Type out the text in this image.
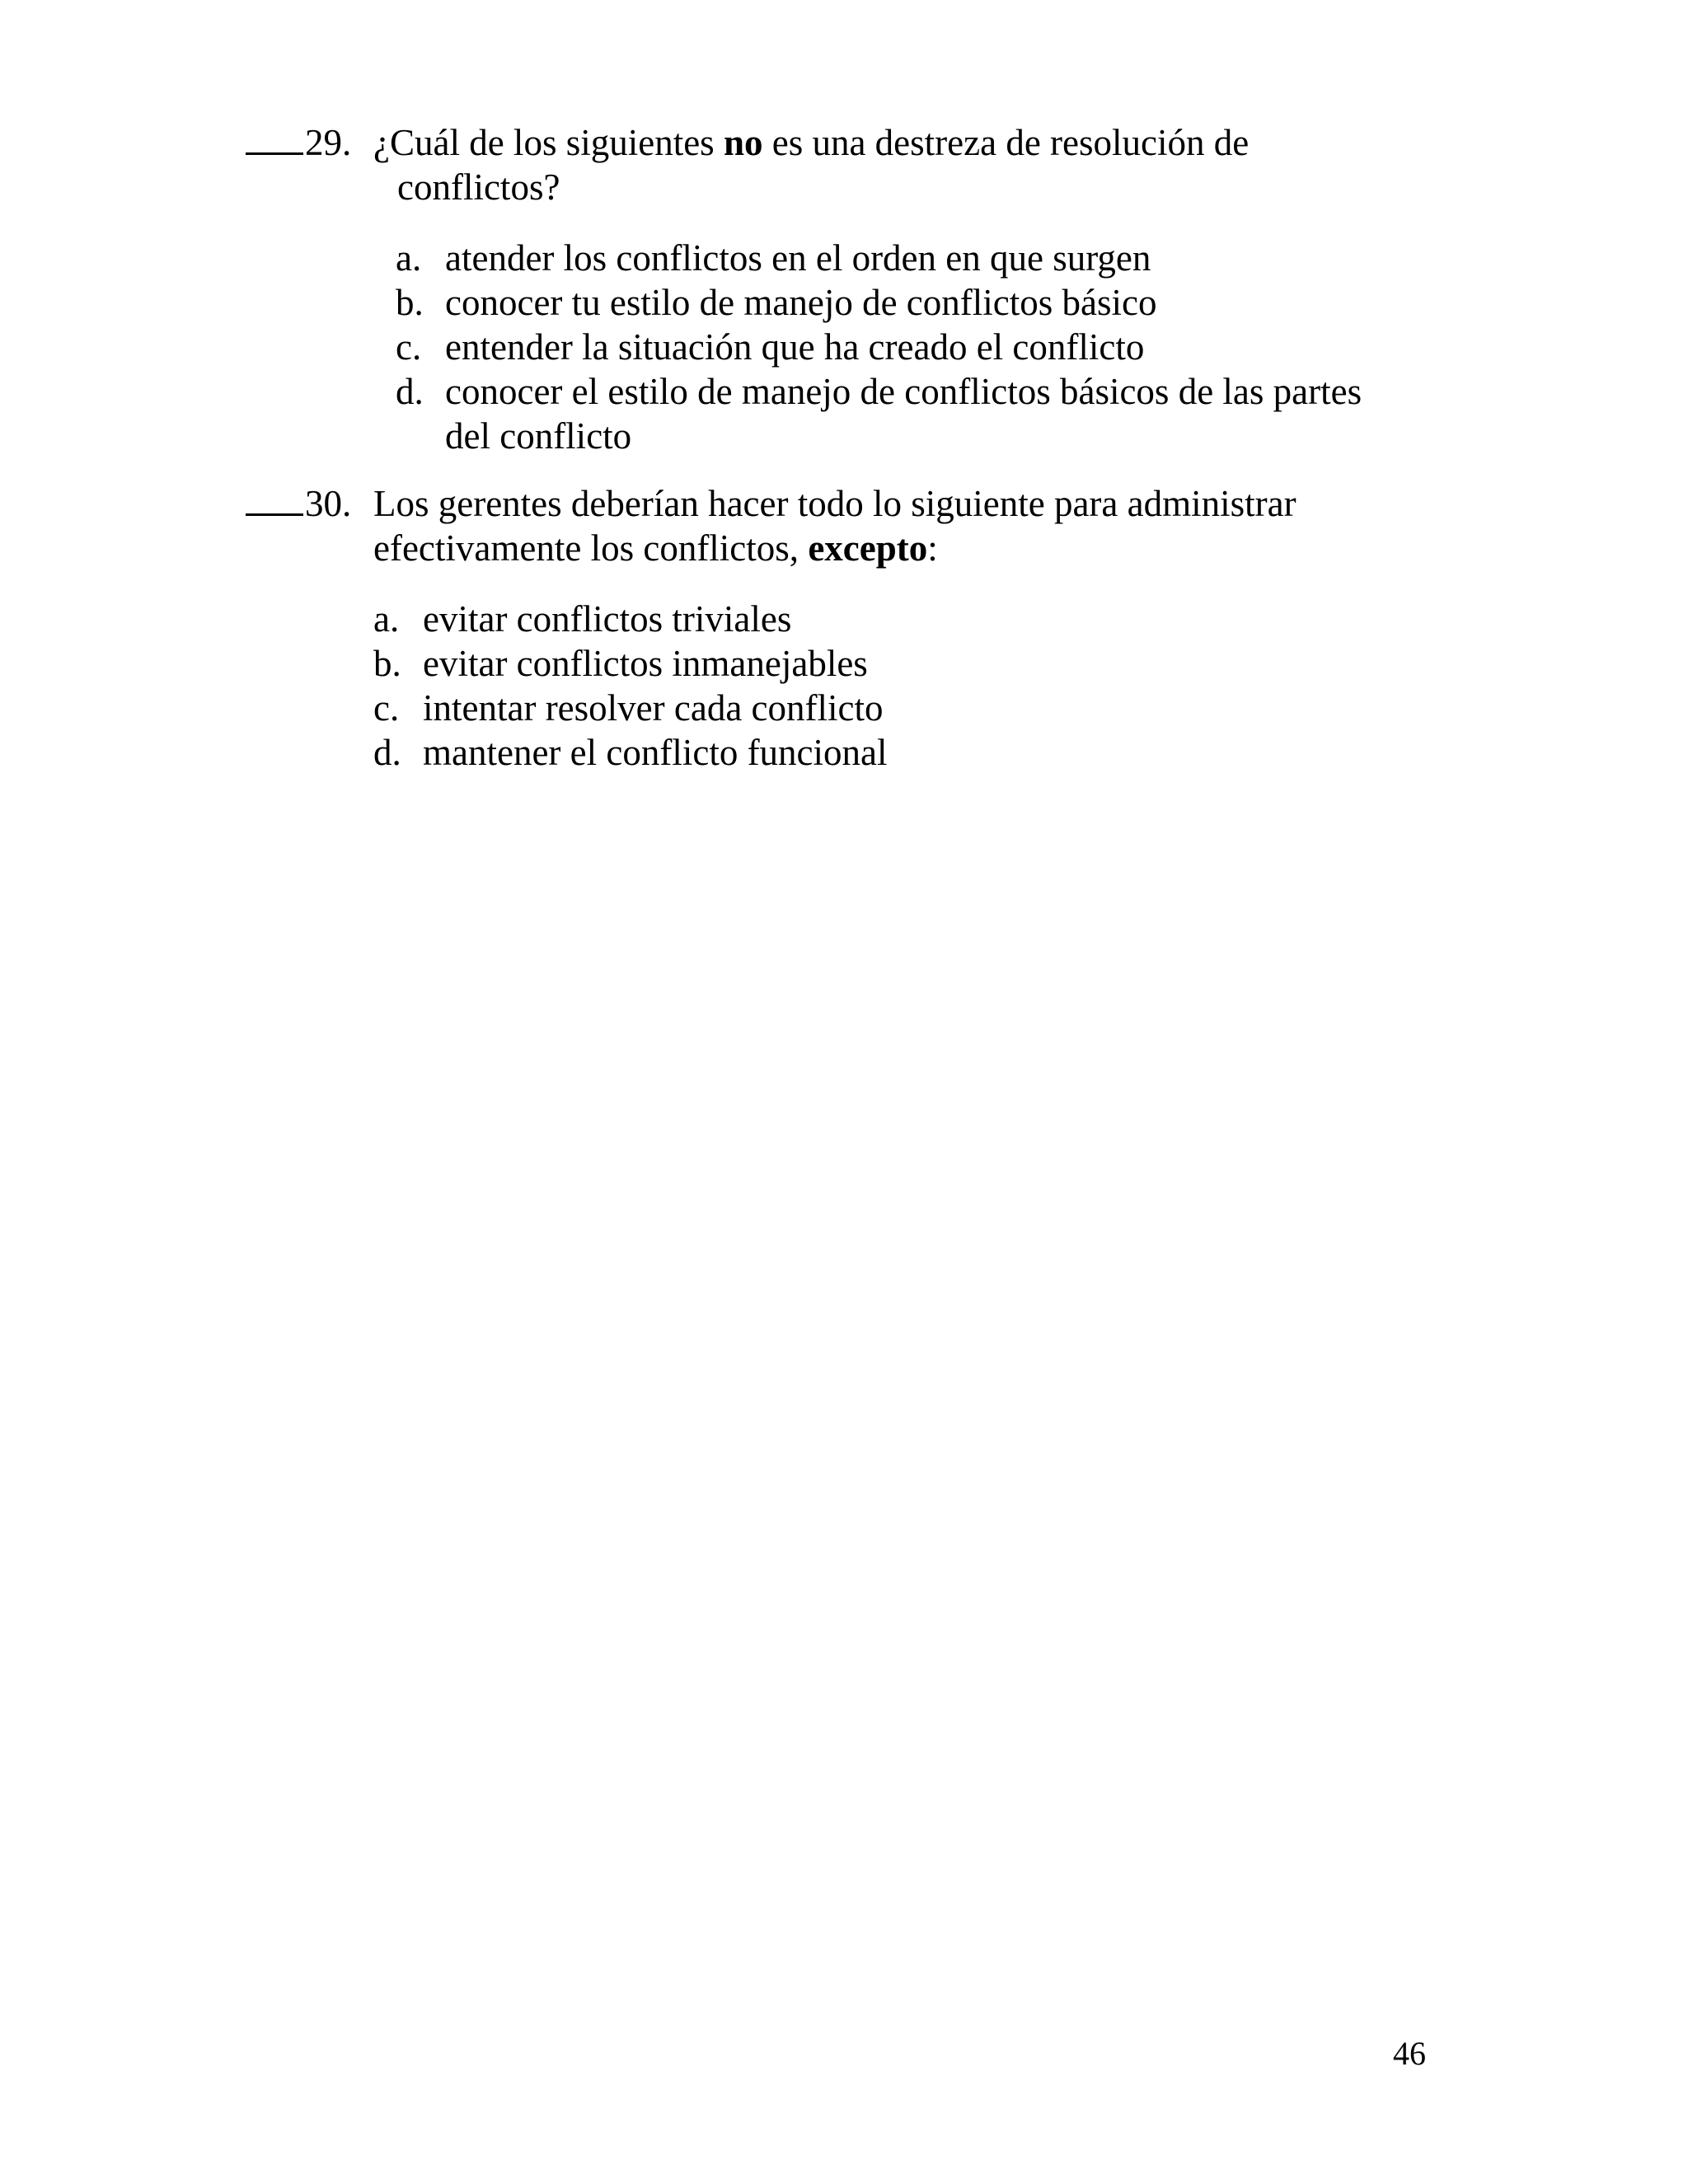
29. ¿Cuál de los siguientes no es una destreza de resolución de
conflictos?
a. atender los conflictos en el orden en que surgen
b. conocer tu estilo de manejo de conflictos básico
c. entender la situación que ha creado el conflicto
d. conocer el estilo de manejo de conflictos básicos de las partes
del conflicto
30. Los gerentes deberían hacer todo lo siguiente para administrar
efectivamente los conflictos, excepto:
a. evitar conflictos triviales
b. evitar conflictos inmanejables
c. intentar resolver cada conflicto
d. mantener el conflicto funcional
46
